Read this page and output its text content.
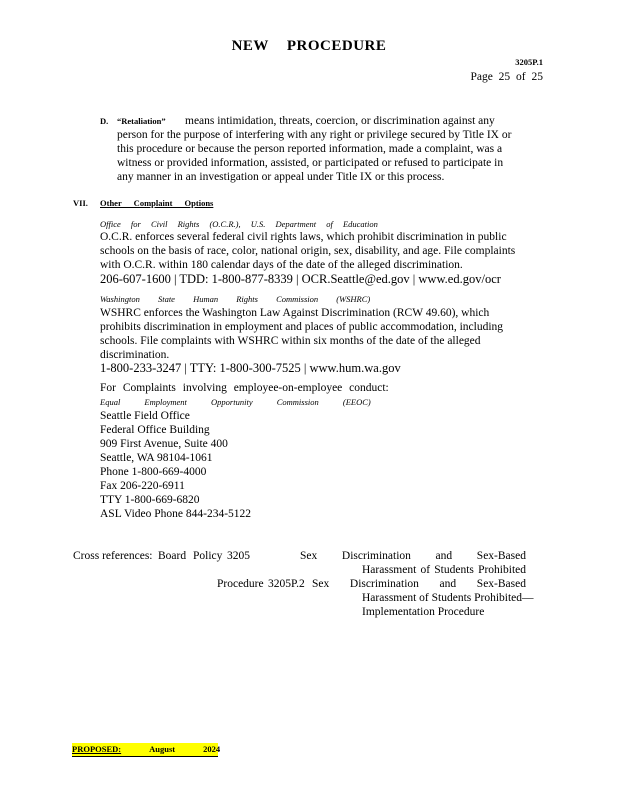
NEW PROCEDURE
3205P.1
Page 25 of 25
D. “Retaliation” means intimidation, threats, coercion, or discrimination against any
person for the purpose of interfering with any right or privilege secured by Title IX or
this procedure or because the person reported information, made a complaint, was a
witness or provided information, assisted, or participated or refused to participate in
any manner in an investigation or appeal under Title IX or this process.
VII. Other Complaint Options
Office for Civil Rights (O.C.R.), U.S. Department of Education
O.C.R. enforces several federal civil rights laws, which prohibit discrimination in public
schools on the basis of race, color, national origin, sex, disability, and age. File complaints
with O.C.R. within 180 calendar days of the date of the alleged discrimination.
206-607-1600 | TDD: 1-800-877-8339 | OCR.Seattle@ed.gov | www.ed.gov/ocr
Washington State Human Rights Commission (WSHRC)
WSHRC enforces the Washington Law Against Discrimination (RCW 49.60), which
prohibits discrimination in employment and places of public accommodation, including
schools. File complaints with WSHRC within six months of the date of the alleged
discrimination.
1-800-233-3247 | TTY: 1-800-300-7525 | www.hum.wa.gov
For Complaints involving employee-on-employee conduct:
Equal Employment Opportunity Commission (EEOC)
Seattle Field Office
Federal Office Building
909 First Avenue, Suite 400
Seattle, WA 98104-1061
Phone 1-800-669-4000
Fax 206-220-6911
TTY 1-800-669-6820
ASL Video Phone 844-234-5122
Cross references: Board Policy 3205	Sex Discrimination and Sex-Based
Harassment of Students Prohibited
Procedure 3205P.2 Sex Discrimination and Sex-Based
Harassment of Students Prohibited—
Implementation Procedure
PROPOSED:	August	2024
